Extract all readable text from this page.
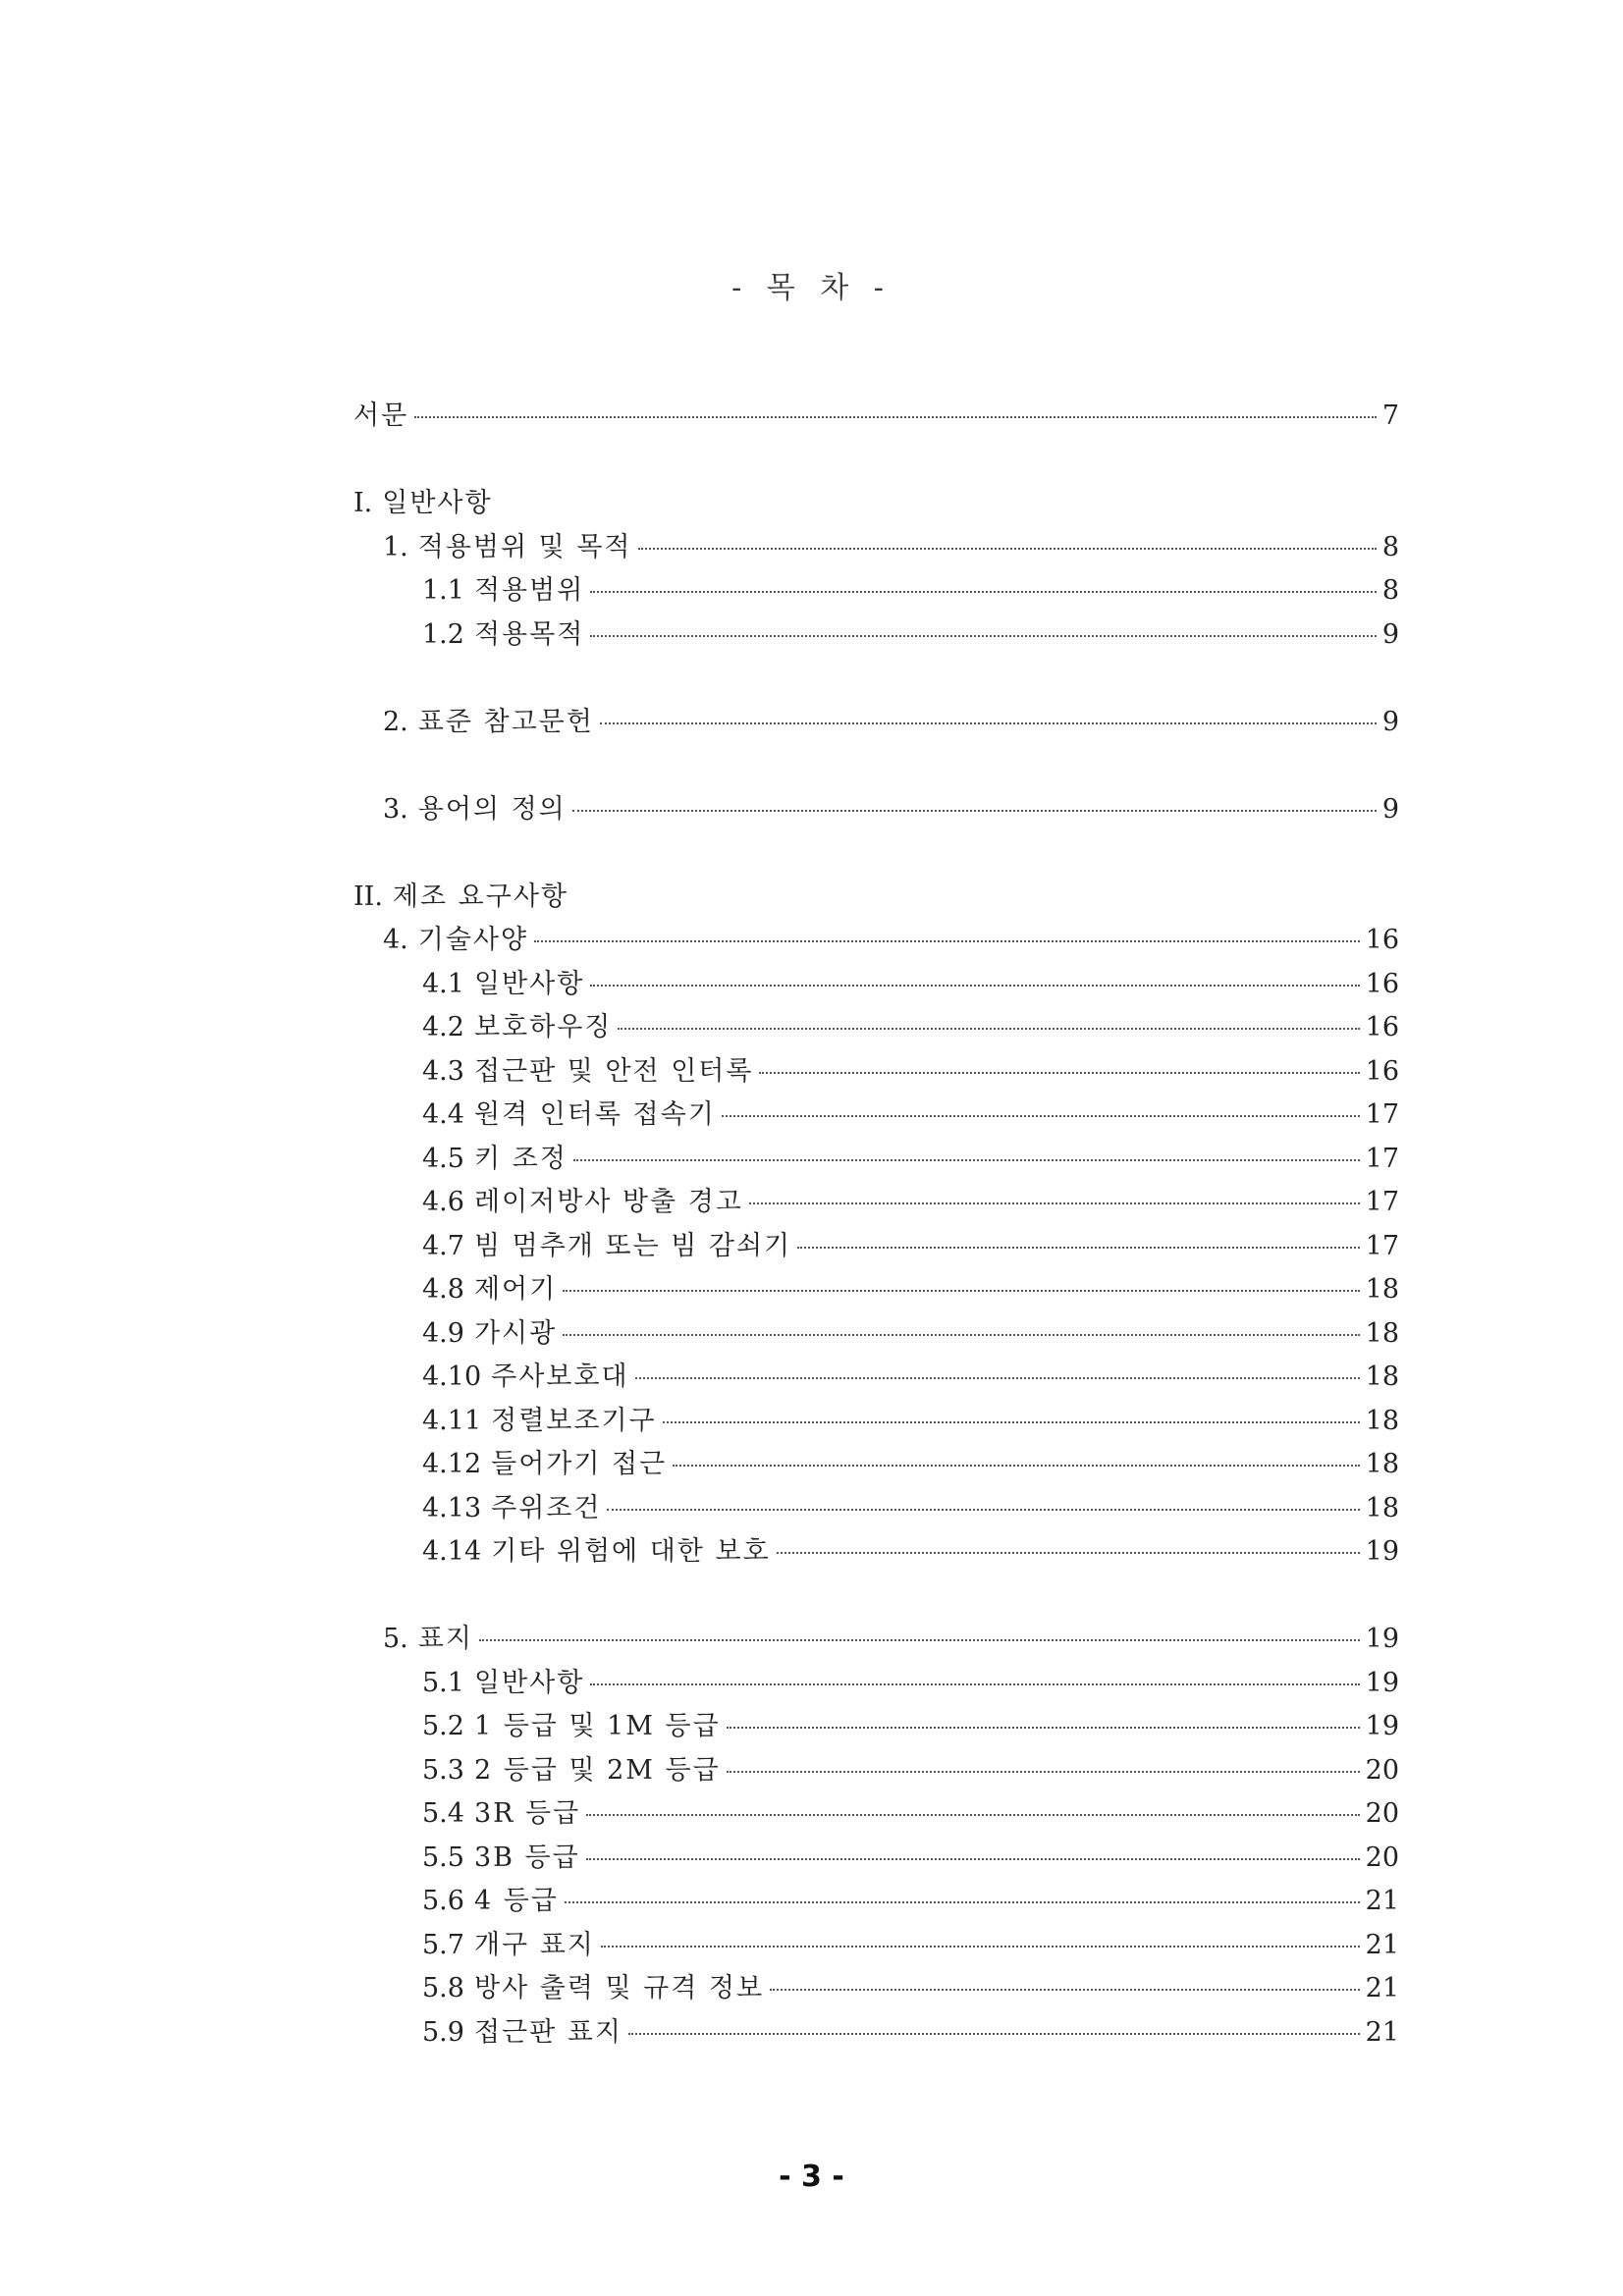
- 목 차 -
서문	7
I. 일반사항
1. 적용범위 및 목적	8
1.1 적용범위	8
1.2 적용목적	9
2. 표준 참고문헌	9
3. 용어의 정의	9
II. 제조 요구사항
4. 기술사양	16
4.1 일반사항	16
4.2 보호하우징	16
4.3 접근판 및 안전 인터록	16
4.4 원격 인터록 접속기	17
4.5 키 조정	17
4.6 레이저방사 방출 경고	17
4.7 빔 멈추개 또는 빔 감쇠기	17
4.8 제어기	18
4.9 가시광	18
4.10 주사보호대	18
4.11 정렬보조기구	18
4.12 들어가기 접근	18
4.13 주위조건	18
4.14 기타 위험에 대한 보호	19
5. 표지	19
5.1 일반사항	19
5.2 1 등급 및 1M 등급	19
5.3 2 등급 및 2M 등급	20
5.4 3R 등급	20
5.5 3B 등급	20
5.6 4 등급	21
5.7 개구 표지	21
5.8 방사 출력 및 규격 정보	21
5.9 접근판 표지	21
- 3 -
